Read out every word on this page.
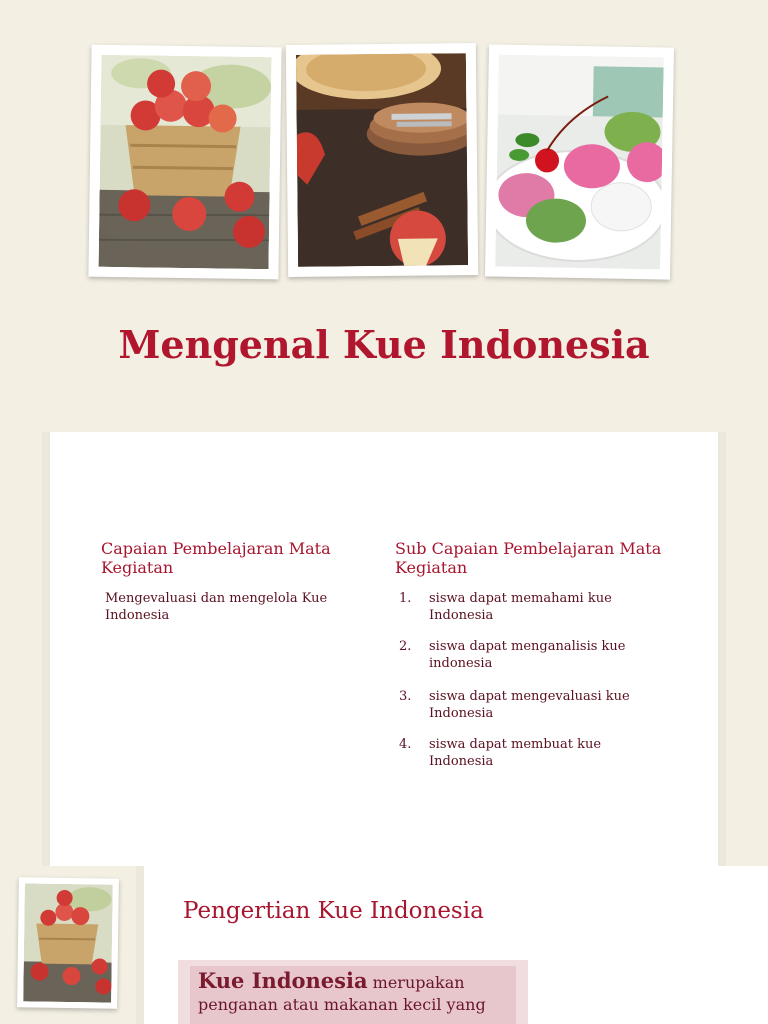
Mengenal Kue Indonesia
Capaian Pembelajaran Mata Kegiatan
Mengevaluasi dan mengelola Kue Indonesia
Sub Capaian Pembelajaran Mata Kegiatan
1.	siswa dapat memahami kue Indonesia
2.	siswa dapat menganalisis kue indonesia
3.	siswa dapat mengevaluasi kue Indonesia
4.	siswa dapat membuat kue Indonesia
Pengertian Kue Indonesia
Kue Indonesia merupakan penganan atau makanan kecil yang
